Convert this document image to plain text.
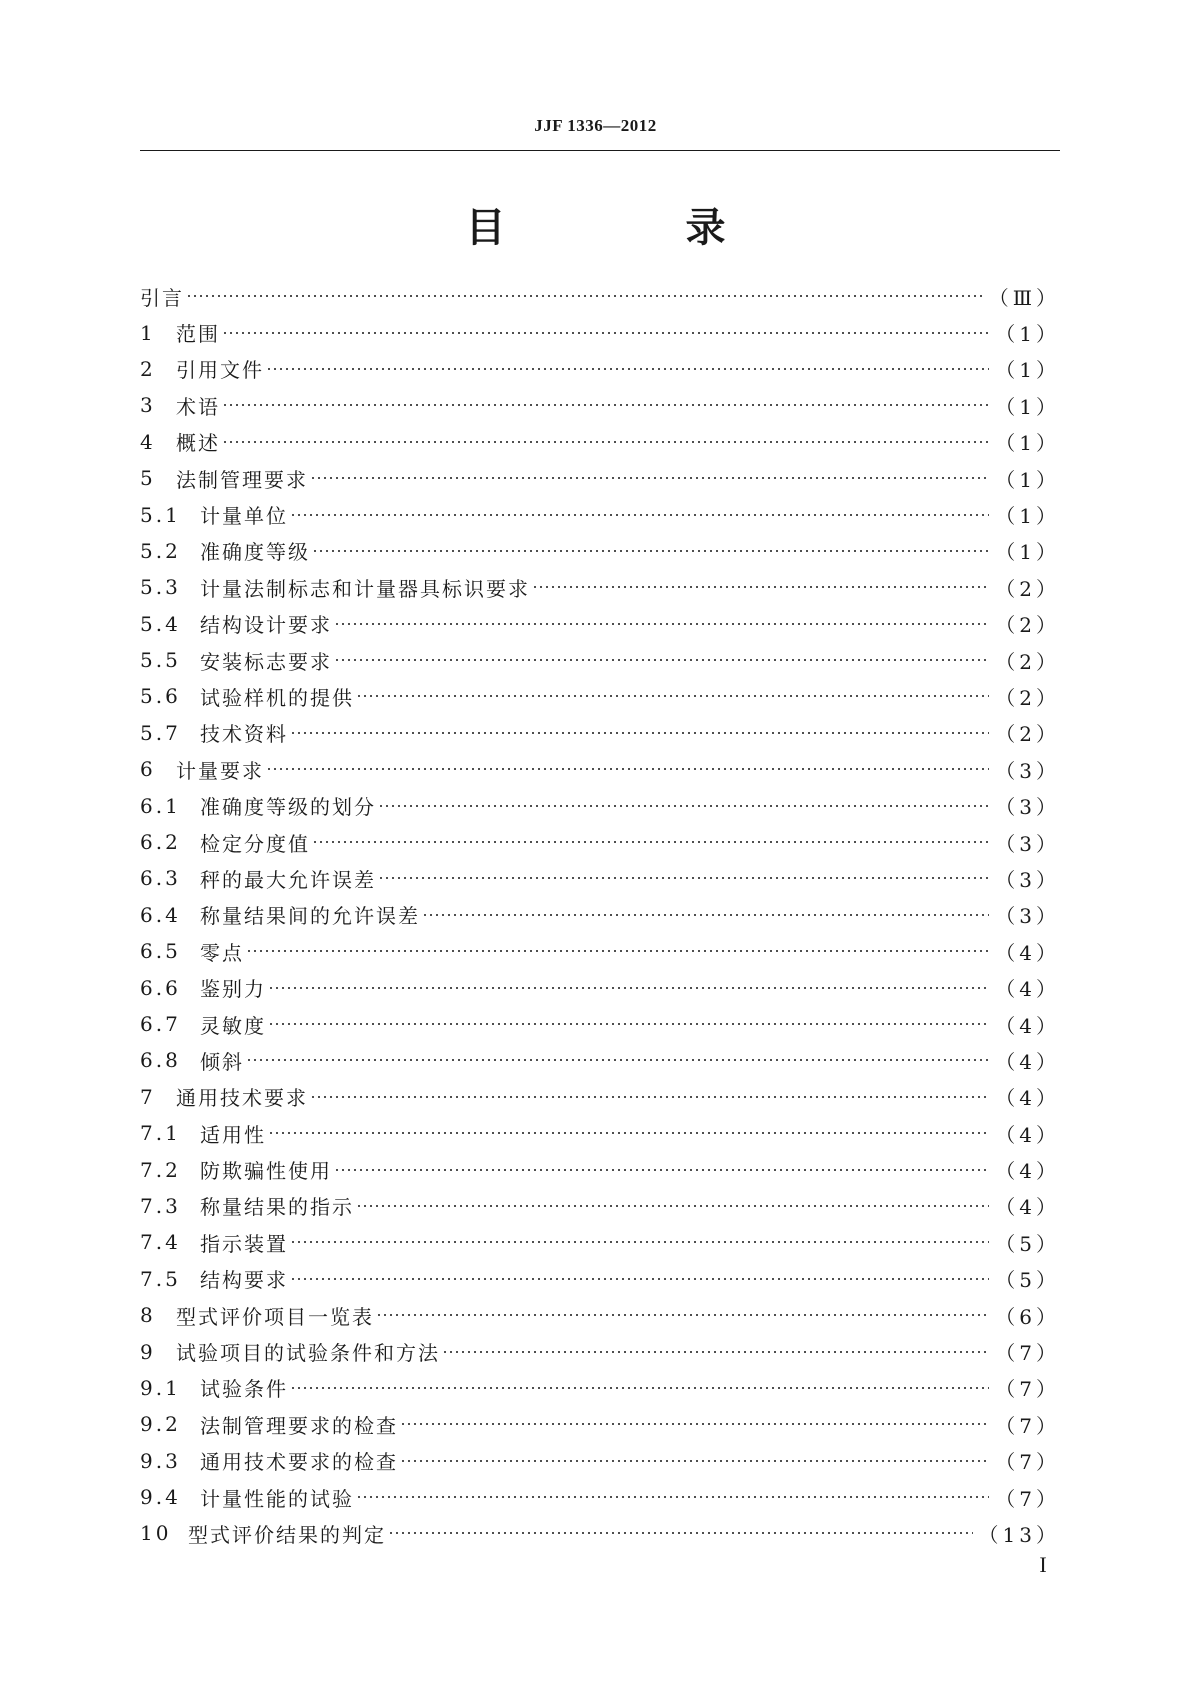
JJF 1336—2012
目　录
引言	（Ⅲ）
1	范围	（1）
2	引用文件	（1）
3	术语	（1）
4	概述	（1）
5	法制管理要求	（1）
5.1 计量单位	（1）
5.2 准确度等级	（1）
5.3 计量法制标志和计量器具标识要求	（2）
5.4 结构设计要求	（2）
5.5 安装标志要求	（2）
5.6 试验样机的提供	（2）
5.7 技术资料	（2）
6	计量要求	（3）
6.1 准确度等级的划分	（3）
6.2 检定分度值	（3）
6.3 秤的最大允许误差	（3）
6.4 称量结果间的允许误差	（3）
6.5 零点	（4）
6.6 鉴别力	（4）
6.7 灵敏度	（4）
6.8 倾斜	（4）
7	通用技术要求	（4）
7.1 适用性	（4）
7.2 防欺骗性使用	（4）
7.3 称量结果的指示	（4）
7.4 指示装置	（5）
7.5 结构要求	（5）
8	型式评价项目一览表	（6）
9	试验项目的试验条件和方法	（7）
9.1 试验条件	（7）
9.2 法制管理要求的检查	（7）
9.3 通用技术要求的检查	（7）
9.4 计量性能的试验	（7）
10 型式评价结果的判定	（13）
I
